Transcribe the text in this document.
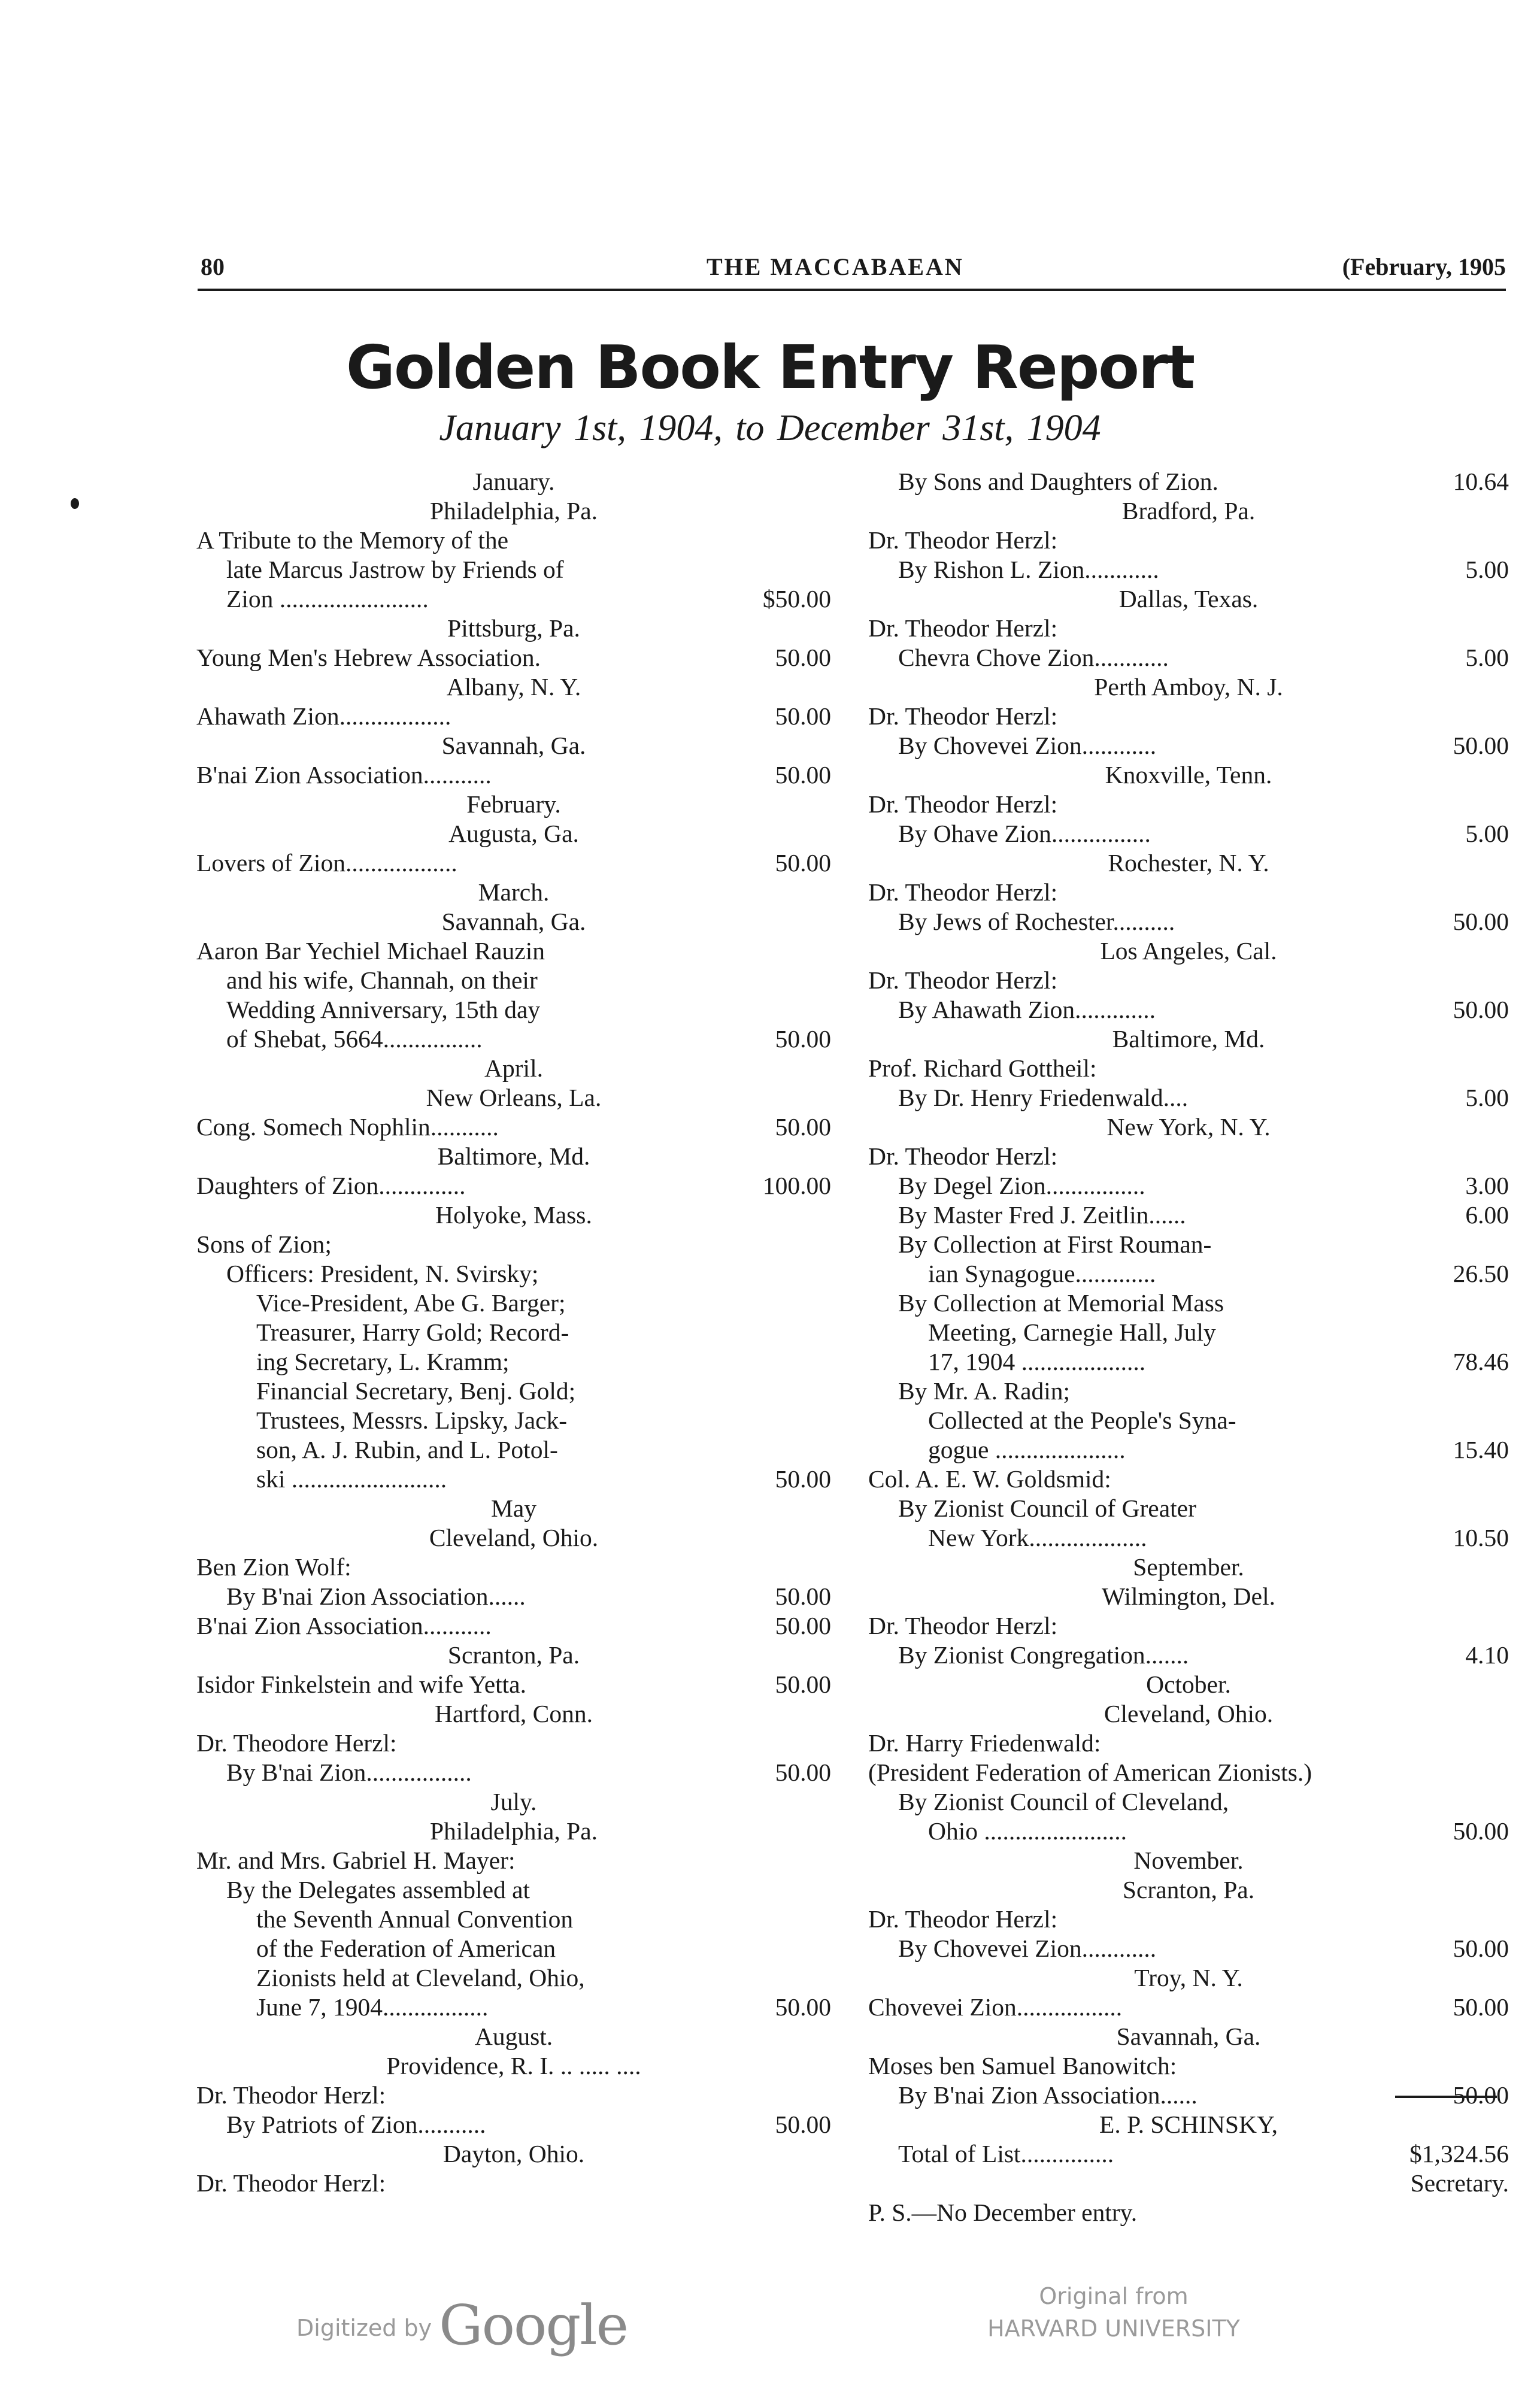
80	THE MACCABAEAN	(February, 1905
Golden Book Entry Report
January 1st, 1904, to December 31st, 1904
January.
Philadelphia, Pa.
A Tribute to the Memory of the
late Marcus Jastrow by Friends of
Zion ........................	$50.00
Pittsburg, Pa.
Young Men's Hebrew Association.	50.00
Albany, N. Y.
Ahawath Zion..................	50.00
Savannah, Ga.
B'nai Zion Association...........	50.00
February.
Augusta, Ga.
Lovers of Zion..................	50.00
March.
Savannah, Ga.
Aaron Bar Yechiel Michael Rauzin
and his wife, Channah, on their
Wedding Anniversary, 15th day
of Shebat, 5664................	50.00
April.
New Orleans, La.
Cong. Somech Nophlin...........	50.00
Baltimore, Md.
Daughters of Zion..............	100.00
Holyoke, Mass.
Sons of Zion;
Officers: President, N. Svirsky;
Vice-President, Abe G. Barger;
Treasurer, Harry Gold; Record-
ing Secretary, L. Kramm;
Financial Secretary, Benj. Gold;
Trustees, Messrs. Lipsky, Jack-
son, A. J. Rubin, and L. Potol-
ski .........................	50.00
May
Cleveland, Ohio.
Ben Zion Wolf:
By B'nai Zion Association......	50.00
B'nai Zion Association...........	50.00
Scranton, Pa.
Isidor Finkelstein and wife Yetta.	50.00
Hartford, Conn.
Dr. Theodore Herzl:
By B'nai Zion.................	50.00
July.
Philadelphia, Pa.
Mr. and Mrs. Gabriel H. Mayer:
By the Delegates assembled at
the Seventh Annual Convention
of the Federation of American
Zionists held at Cleveland, Ohio,
June 7, 1904.................	50.00
August.
Providence, R. I. .. ..... ....
Dr. Theodor Herzl:
By Patriots of Zion...........	50.00
Dayton, Ohio.
Dr. Theodor Herzl:
By Sons and Daughters of Zion.	10.64
Bradford, Pa.
Dr. Theodor Herzl:
By Rishon L. Zion............	5.00
Dallas, Texas.
Dr. Theodor Herzl:
Chevra Chove Zion............	5.00
Perth Amboy, N. J.
Dr. Theodor Herzl:
By Chovevei Zion............	50.00
Knoxville, Tenn.
Dr. Theodor Herzl:
By Ohave Zion................	5.00
Rochester, N. Y.
Dr. Theodor Herzl:
By Jews of Rochester..........	50.00
Los Angeles, Cal.
Dr. Theodor Herzl:
By Ahawath Zion.............	50.00
Baltimore, Md.
Prof. Richard Gottheil:
By Dr. Henry Friedenwald....	5.00
New York, N. Y.
Dr. Theodor Herzl:
By Degel Zion................	3.00
By Master Fred J. Zeitlin......	6.00
By Collection at First Rouman-
ian Synagogue.............	26.50
By Collection at Memorial Mass
Meeting, Carnegie Hall, July
17, 1904 ....................	78.46
By Mr. A. Radin;
Collected at the People's Syna-
gogue .....................	15.40
Col. A. E. W. Goldsmid:
By Zionist Council of Greater
New York...................	10.50
September.
Wilmington, Del.
Dr. Theodor Herzl:
By Zionist Congregation.......	4.10
October.
Cleveland, Ohio.
Dr. Harry Friedenwald:
(President Federation of American Zionists.)
By Zionist Council of Cleveland,
Ohio .......................	50.00
November.
Scranton, Pa.
Dr. Theodor Herzl:
By Chovevei Zion............	50.00
Troy, N. Y.
Chovevei Zion.................	50.00
Savannah, Ga.
Moses ben Samuel Banowitch:
By B'nai Zion Association......	50.00
E. P. SCHINSKY,
Total of List...............	$1,324.56
Secretary.
P. S.—No December entry.
Digitized by Google	Original from
HARVARD UNIVERSITY
